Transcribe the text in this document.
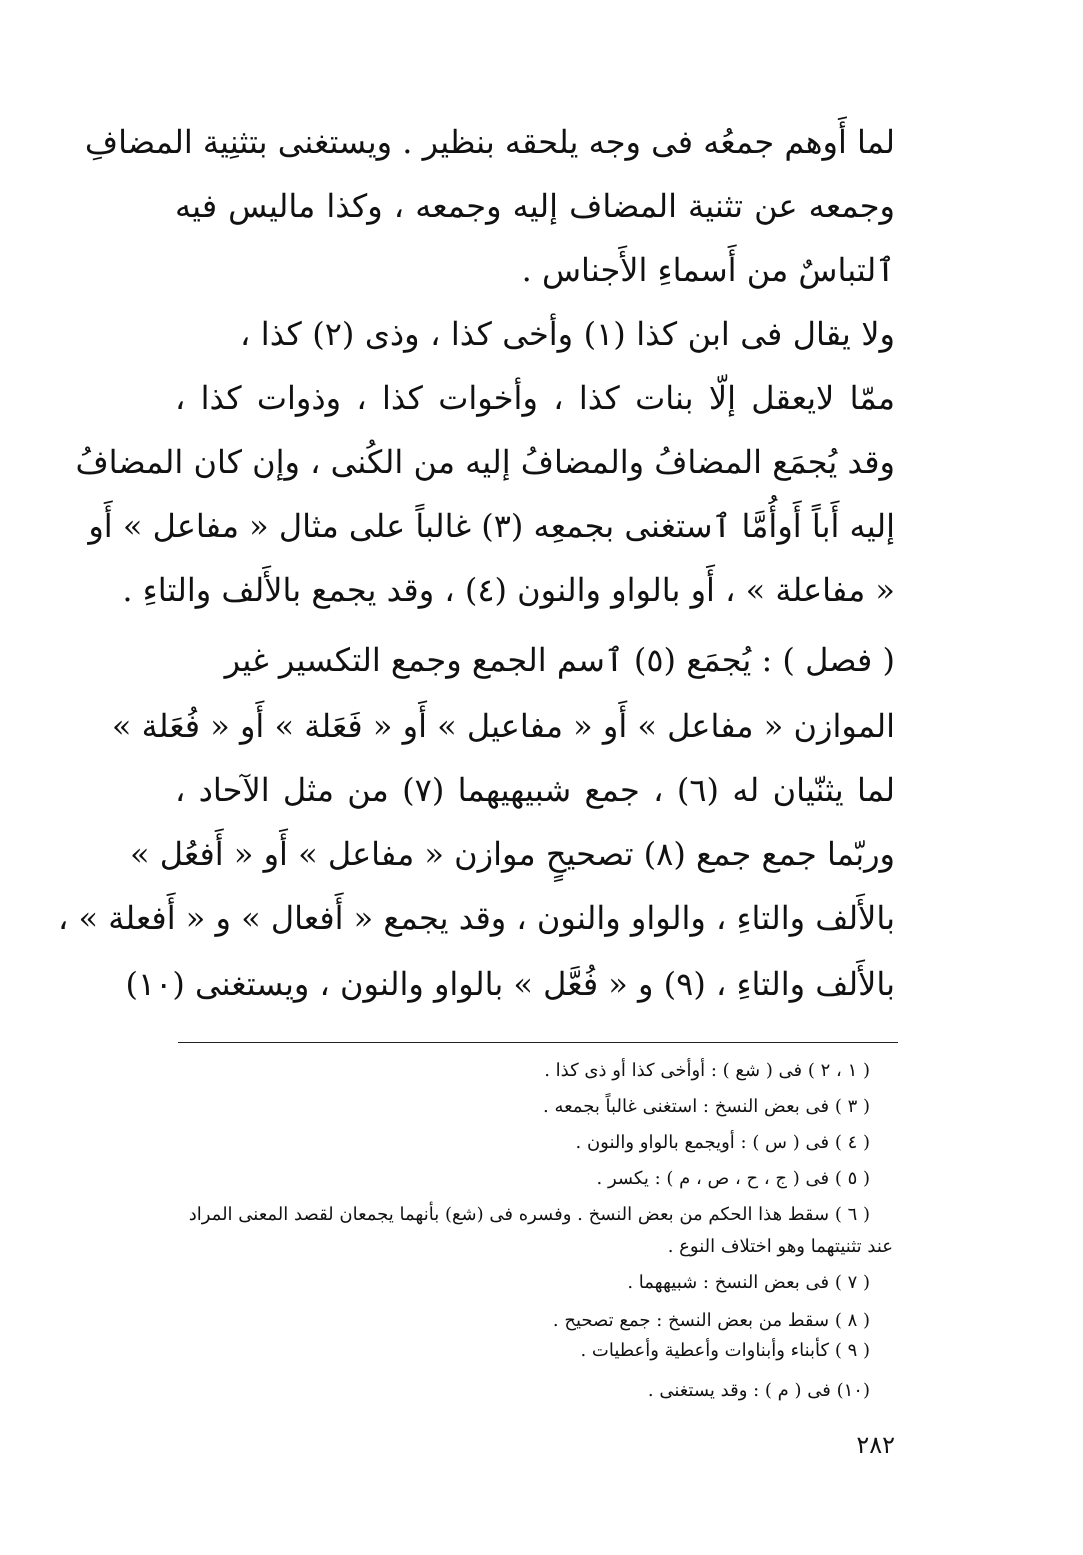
لما أَوهم جمعُه فى وجه يلحقه بنظير . ويستغنى بتثنِية المضافِ
وجمعه عن تثنية المضاف إليه وجمعه ، وكذا ماليس فيه
ٱلتباسٌ من أَسماءِ الأَجناس .
ولا يقال فى ابن كذا (١) وأخى كذا ، وذى (٢) كذا ،
ممّا لايعقل إلّا بنات كذا ، وأخوات كذا ، وذوات كذا ،
وقد يُجمَع المضافُ والمضافُ إليه من الكُنى ، وإن كان المضافُ
إليه أَباً أَوأُمَّا ٱستغنى بجمعِه (٣) غالباً على مثال « مفاعل » أَو
« مفاعلة » ، أَو بالواو والنون (٤) ، وقد يجمع بالأَلف والتاءِ .
( فصل ) : يُجمَع (٥) ٱسم الجمع وجمع التكسير غير
الموازن « مفاعل » أَو « مفاعيل » أَو « فَعَلة » أَو « فُعَلة »
لما يثنّيان له (٦) ، جمع شبيهيهما (٧) من مثل الآحاد ،
وربّما جمع جمع (٨) تصحيحٍ موازن « مفاعل » أَو « أَفعُل »
بالأَلف والتاءِ ، والواو والنون ، وقد يجمع « أَفعال » و « أَفعلة » ،
بالأَلف والتاءِ ، (٩) و « فُعَّل » بالواو والنون ، ويستغنى (١٠)
( ١ ، ٢ ) فى ( شع ) : أوأخى كذا أو ذى كذا .
( ٣ ) فى بعض النسخ : استغنى غالباً بجمعه .
( ٤ ) فى ( س ) : أويجمع بالواو والنون .
( ٥ ) فى ( ج ، ح ، ص ، م ) : يكسر .
( ٦ ) سقط هذا الحكم من بعض النسخ . وفسره فى (شع) بأنهما يجمعان لقصد المعنى المراد
عند تثنيتهما وهو اختلاف النوع .
( ٧ ) فى بعض النسخ : شبيههما .
( ٨ ) سقط من بعض النسخ : جمع تصحيح .
( ٩ ) كأبناء وأبناوات وأعطية وأعطيات .
(١٠) فى ( م ) : وقد يستغنى .
٢٨٢
